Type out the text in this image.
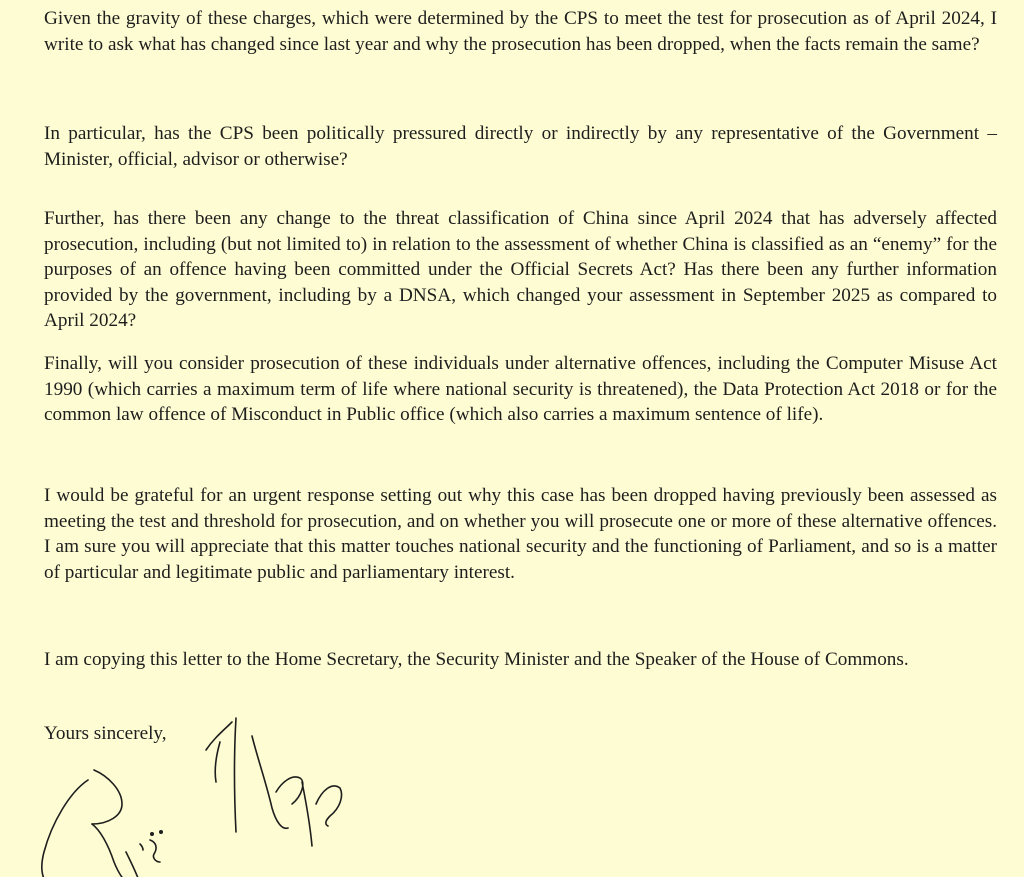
Given the gravity of these charges, which were determined by the CPS to meet the test for prosecution as of April 2024, I write to ask what has changed since last year and why the prosecution has been dropped, when the facts remain the same?

In particular, has the CPS been politically pressured directly or indirectly by any representative of the Government – Minister, official, advisor or otherwise?

Further, has there been any change to the threat classification of China since April 2024 that has adversely affected prosecution, including (but not limited to) in relation to the assessment of whether China is classified as an “enemy” for the purposes of an offence having been committed under the Official Secrets Act? Has there been any further information provided by the government, including by a DNSA, which changed your assessment in September 2025 as compared to April 2024?

Finally, will you consider prosecution of these individuals under alternative offences, including the Computer Misuse Act 1990 (which carries a maximum term of life where national security is threatened), the Data Protection Act 2018 or for the common law offence of Misconduct in Public office (which also carries a maximum sentence of life).

I would be grateful for an urgent response setting out why this case has been dropped having previously been assessed as meeting the test and threshold for prosecution, and on whether you will prosecute one or more of these alternative offences. I am sure you will appreciate that this matter touches national security and the functioning of Parliament, and so is a matter of particular and legitimate public and parliamentary interest.

I am copying this letter to the Home Secretary, the Security Minister and the Speaker of the House of Commons.

Yours sincerely,
